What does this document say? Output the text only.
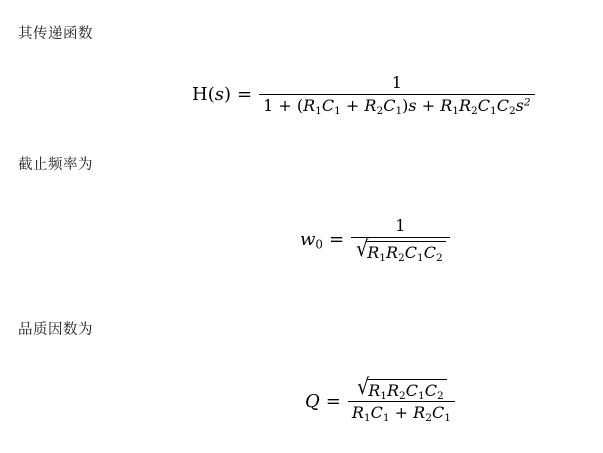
其传递函数
$H(s) = \frac{1}{1 + (R_1C_1 + R_2C_1)s + R_1R_2C_1C_2s^2}$
截止频率为
$w_0 = \frac{1}{√ R_1R_2C_1C_2}$
品质因数为
$Q = \frac{√ R_1R_2C_1C_2}{R_1C_1 + R_2C_1}$
